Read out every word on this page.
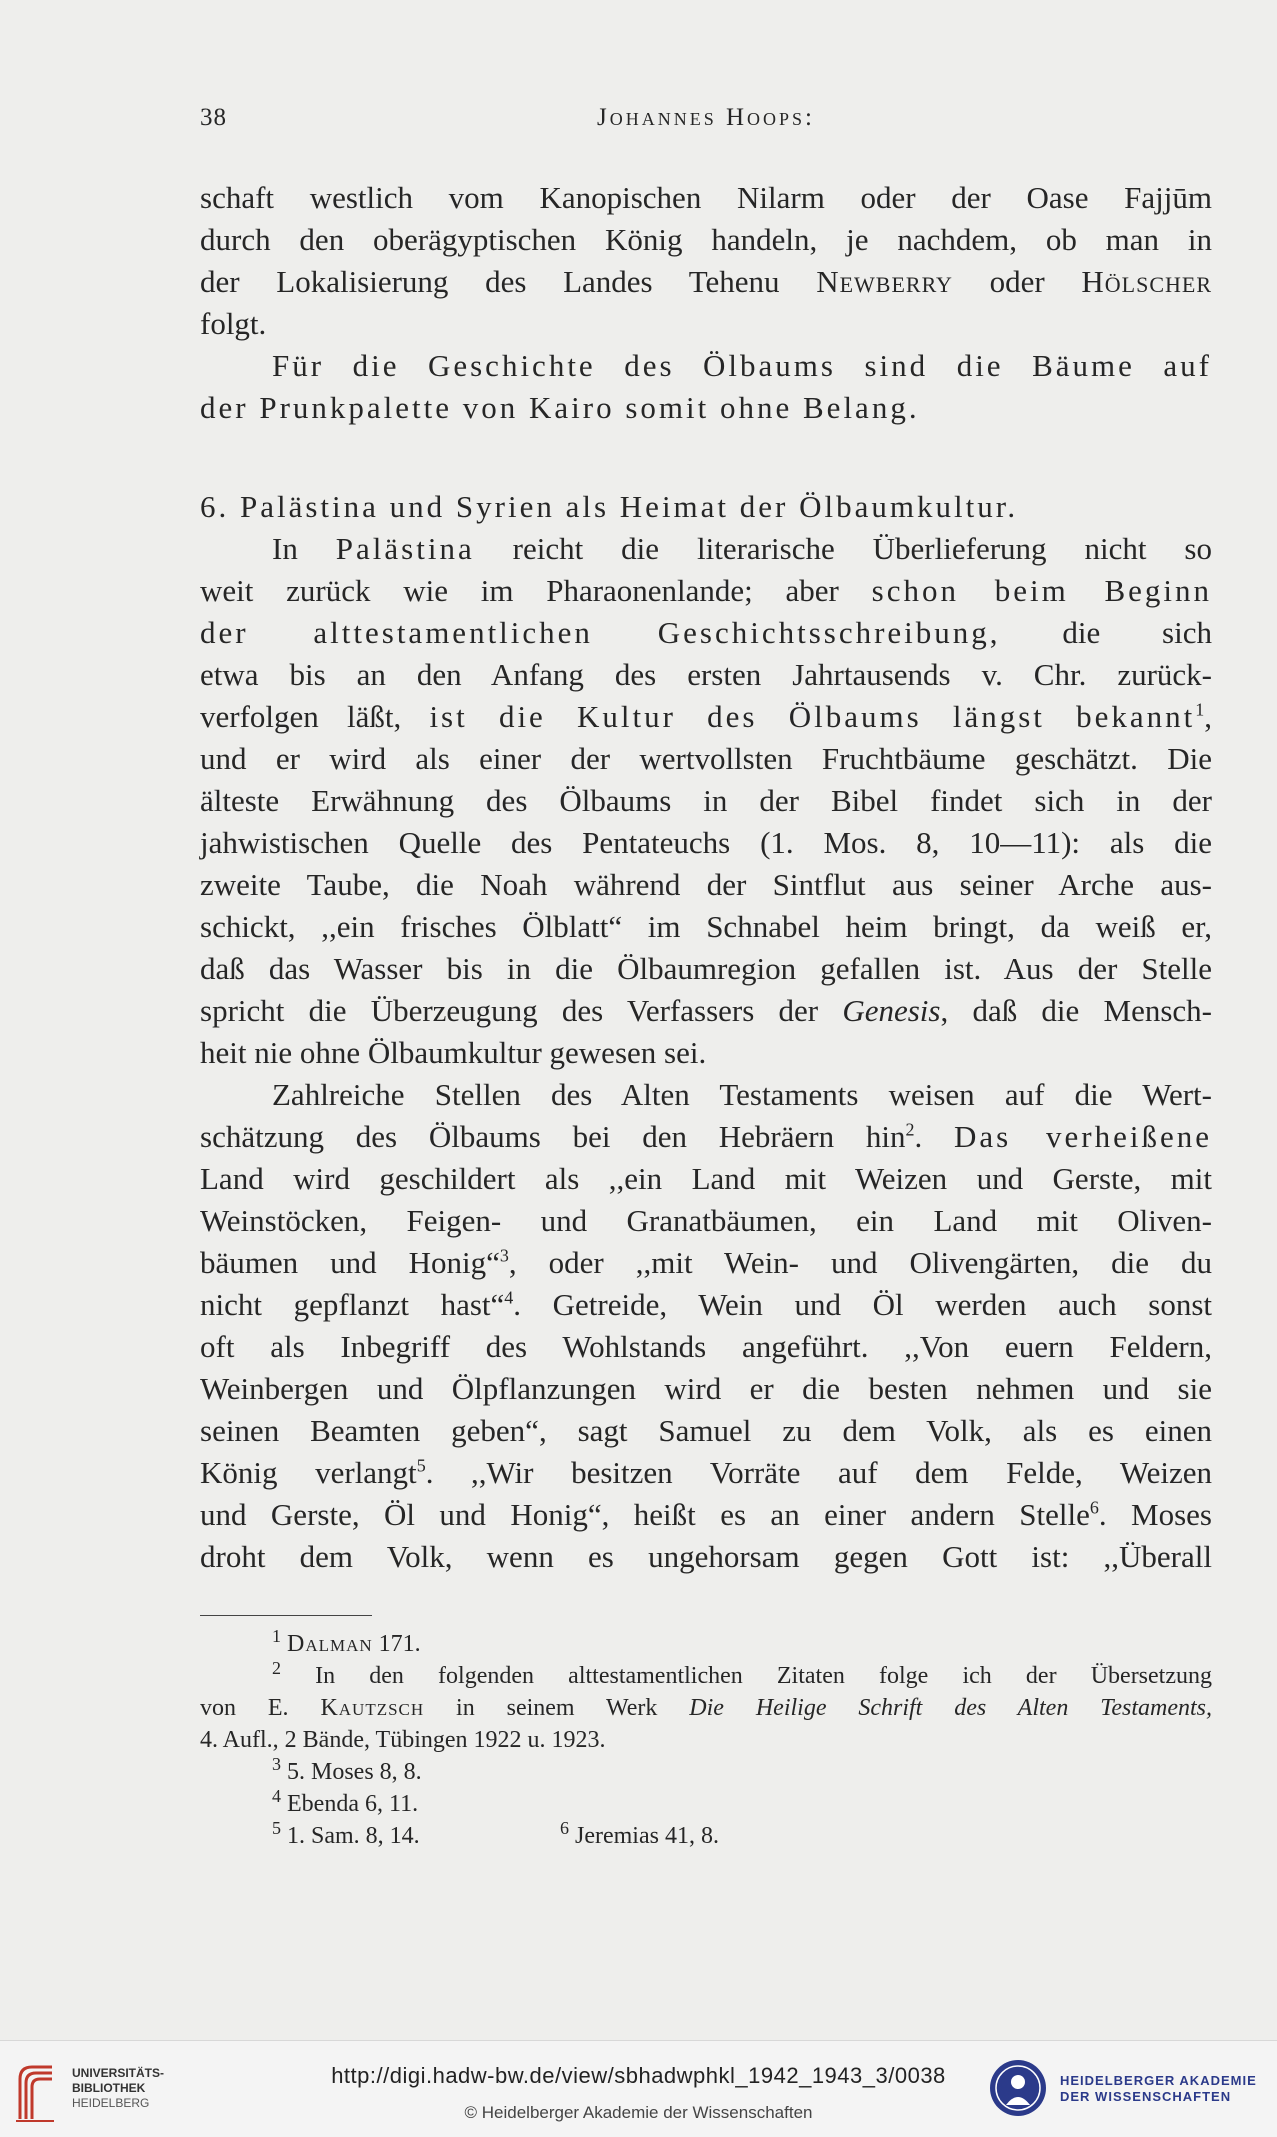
38	Johannes Hoops:
schaft westlich vom Kanopischen Nilarm oder der Oase Fajjūm
durch den oberägyptischen König handeln, je nachdem, ob man in
der Lokalisierung des Landes Tehenu Newberry oder Hölscher
folgt.
Für die Geschichte des Ölbaums sind die Bäume auf
der Prunkpalette von Kairo somit ohne Belang.
6. Palästina und Syrien als Heimat der Ölbaumkultur.
In Palästina reicht die literarische Überlieferung nicht so
weit zurück wie im Pharaonenlande; aber schon beim Beginn
der alttestamentlichen Geschichtsschreibung, die sich
etwa bis an den Anfang des ersten Jahrtausends v. Chr. zurück-
verfolgen läßt, ist die Kultur des Ölbaums längst bekannt$^1$,
und er wird als einer der wertvollsten Fruchtbäume geschätzt. Die
älteste Erwähnung des Ölbaums in der Bibel findet sich in der
jahwistischen Quelle des Pentateuchs (1. Mos. 8, 10—11): als die
zweite Taube, die Noah während der Sintflut aus seiner Arche aus-
schickt, ,,ein frisches Ölblatt“ im Schnabel heim bringt, da weiß er,
daß das Wasser bis in die Ölbaumregion gefallen ist. Aus der Stelle
spricht die Überzeugung des Verfassers der Genesis, daß die Mensch-
heit nie ohne Ölbaumkultur gewesen sei.
Zahlreiche Stellen des Alten Testaments weisen auf die Wert-
schätzung des Ölbaums bei den Hebräern hin$^2$. Das verheißene
Land wird geschildert als ,,ein Land mit Weizen und Gerste, mit
Weinstöcken, Feigen- und Granatbäumen, ein Land mit Oliven-
bäumen und Honig“$^3$, oder ,,mit Wein- und Olivengärten, die du
nicht gepflanzt hast“$^4$. Getreide, Wein und Öl werden auch sonst
oft als Inbegriff des Wohlstands angeführt. ,,Von euern Feldern,
Weinbergen und Ölpflanzungen wird er die besten nehmen und sie
seinen Beamten geben“, sagt Samuel zu dem Volk, als es einen
König verlangt$^5$. ,,Wir besitzen Vorräte auf dem Felde, Weizen
und Gerste, Öl und Honig“, heißt es an einer andern Stelle$^6$. Moses
droht dem Volk, wenn es ungehorsam gegen Gott ist: ,,Überall
$^1$ Dalman 171.
$^2$ In den folgenden alttestamentlichen Zitaten folge ich der Übersetzung
von E. Kautzsch in seinem Werk Die Heilige Schrift des Alten Testaments,
4. Aufl., 2 Bände, Tübingen 1922 u. 1923.
$^3$ 5. Moses 8, 8.
$^4$ Ebenda 6, 11.
$^5$ 1. Sam. 8, 14.	$^6$ Jeremias 41, 8.
UNIVERSITÄTS-
BIBLIOTHEK
HEIDELBERG
http://digi.hadw-bw.de/view/sbhadwphkl_1942_1943_3/0038
© Heidelberger Akademie der Wissenschaften
HEIDELBERGER AKADEMIE
DER WISSENSCHAFTEN
